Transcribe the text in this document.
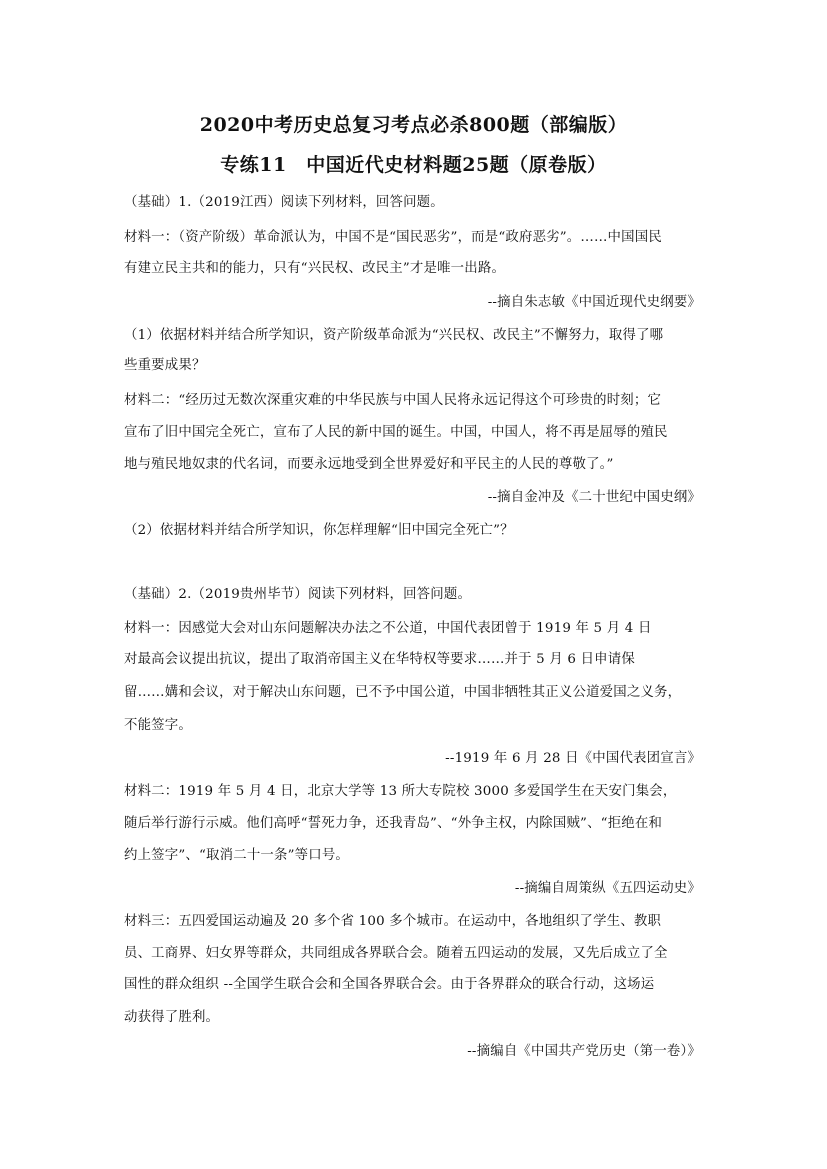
2020中考历史总复习考点必杀800题（部编版）
专练11　中国近代史材料题25题（原卷版）
（基础）1.（2019江西）阅读下列材料，回答问题。
材料一：（资产阶级）革命派认为，中国不是“国民恶劣”，而是“政府恶劣”。……中国国民
有建立民主共和的能力，只有“兴民权、改民主”才是唯一出路。
--摘自朱志敏《中国近现代史纲要》
（1）依据材料并结合所学知识，资产阶级革命派为“兴民权、改民主”不懈努力，取得了哪
些重要成果？
材料二：“经历过无数次深重灾难的中华民族与中国人民将永远记得这个可珍贵的时刻；它
宣布了旧中国完全死亡，宣布了人民的新中国的诞生。中国，中国人，将不再是屈辱的殖民
地与殖民地奴隶的代名词，而要永远地受到全世界爱好和平民主的人民的尊敬了。”
--摘自金冲及《二十世纪中国史纲》
（2）依据材料并结合所学知识，你怎样理解“旧中国完全死亡”？
（基础）2.（2019贵州毕节）阅读下列材料，回答问题。
材料一：因感觉大会对山东问题解决办法之不公道，中国代表团曾于 1919 年 5 月 4 日
对最高会议提出抗议，提出了取消帝国主义在华特权等要求……并于 5 月 6 日申请保
留……媾和会议，对于解决山东问题，已不予中国公道，中国非牺牲其正义公道爱国之义务，
不能签字。
--1919 年 6 月 28 日《中国代表团宣言》
材料二：1919 年 5 月 4 日，北京大学等 13 所大专院校 3000 多爱国学生在天安门集会，
随后举行游行示威。他们高呼“誓死力争，还我青岛”、“外争主权，内除国贼”、“拒绝在和
约上签字”、“取消二十一条”等口号。
--摘编自周策纵《五四运动史》
材料三：五四爱国运动遍及 20 多个省 100 多个城市。在运动中，各地组织了学生、教职
员、工商界、妇女界等群众，共同组成各界联合会。随着五四运动的发展，又先后成立了全
国性的群众组织 --全国学生联合会和全国各界联合会。由于各界群众的联合行动，这场运
动获得了胜利。
--摘编自《中国共产党历史（第一卷）》
